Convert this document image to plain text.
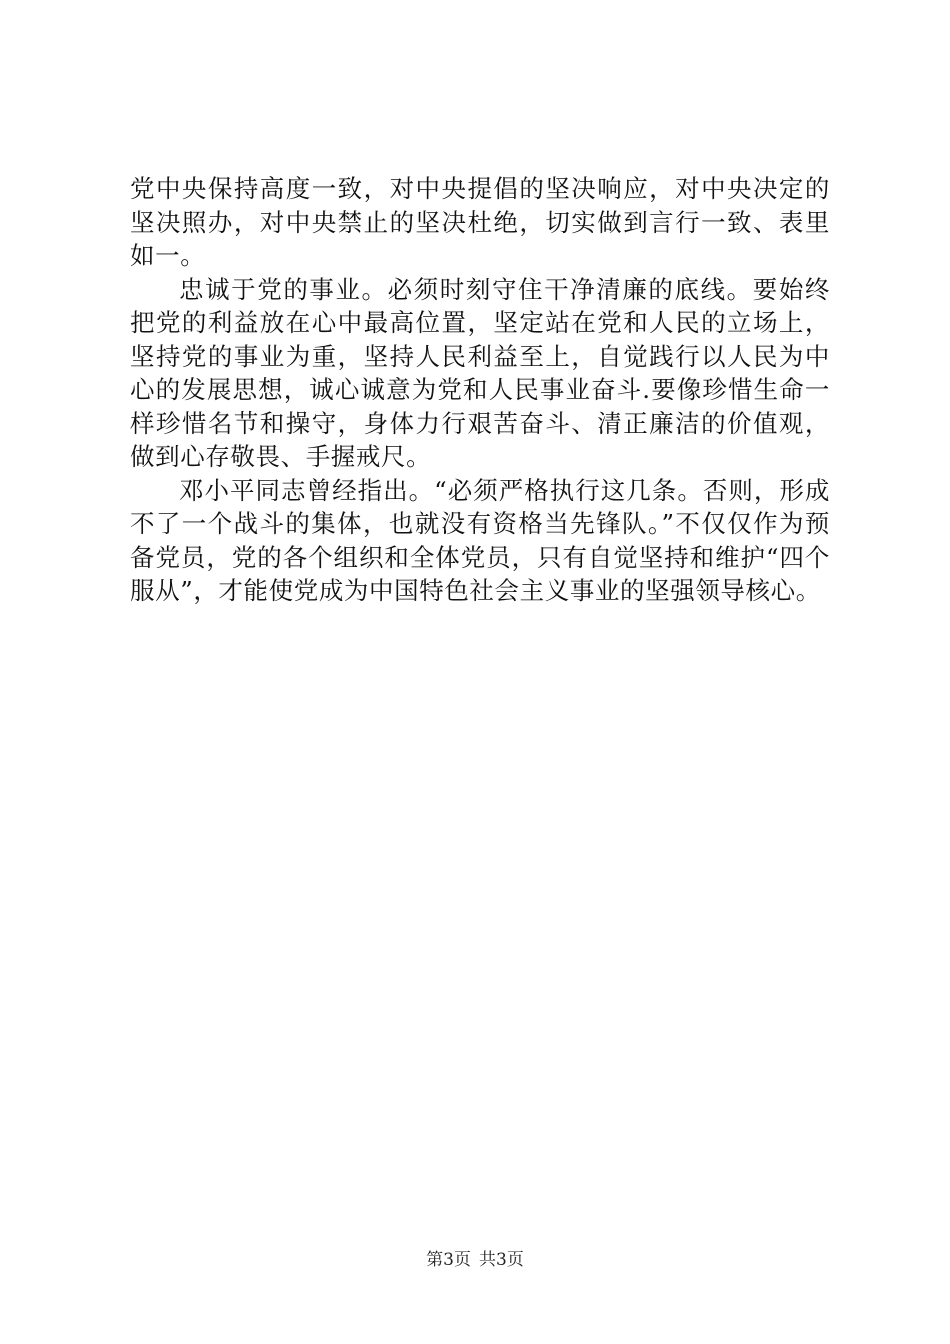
党中央保持高度一致，对中央提倡的坚决响应，对中央决定的坚决照办，对中央禁止的坚决杜绝，切实做到言行一致、表里如一。

忠诚于党的事业。必须时刻守住干净清廉的底线。要始终把党的利益放在心中最高位置，坚定站在党和人民的立场上，坚持党的事业为重，坚持人民利益至上，自觉践行以人民为中心的发展思想，诚心诚意为党和人民事业奋斗.要像珍惜生命一样珍惜名节和操守，身体力行艰苦奋斗、清正廉洁的价值观，做到心存敬畏、手握戒尺。

邓小平同志曾经指出。“必须严格执行这几条。否则，形成不了一个战斗的集体，也就没有资格当先锋队。”不仅仅作为预备党员，党的各个组织和全体党员，只有自觉坚持和维护“四个服从”，才能使党成为中国特色社会主义事业的坚强领导核心。

第3页 共3页
